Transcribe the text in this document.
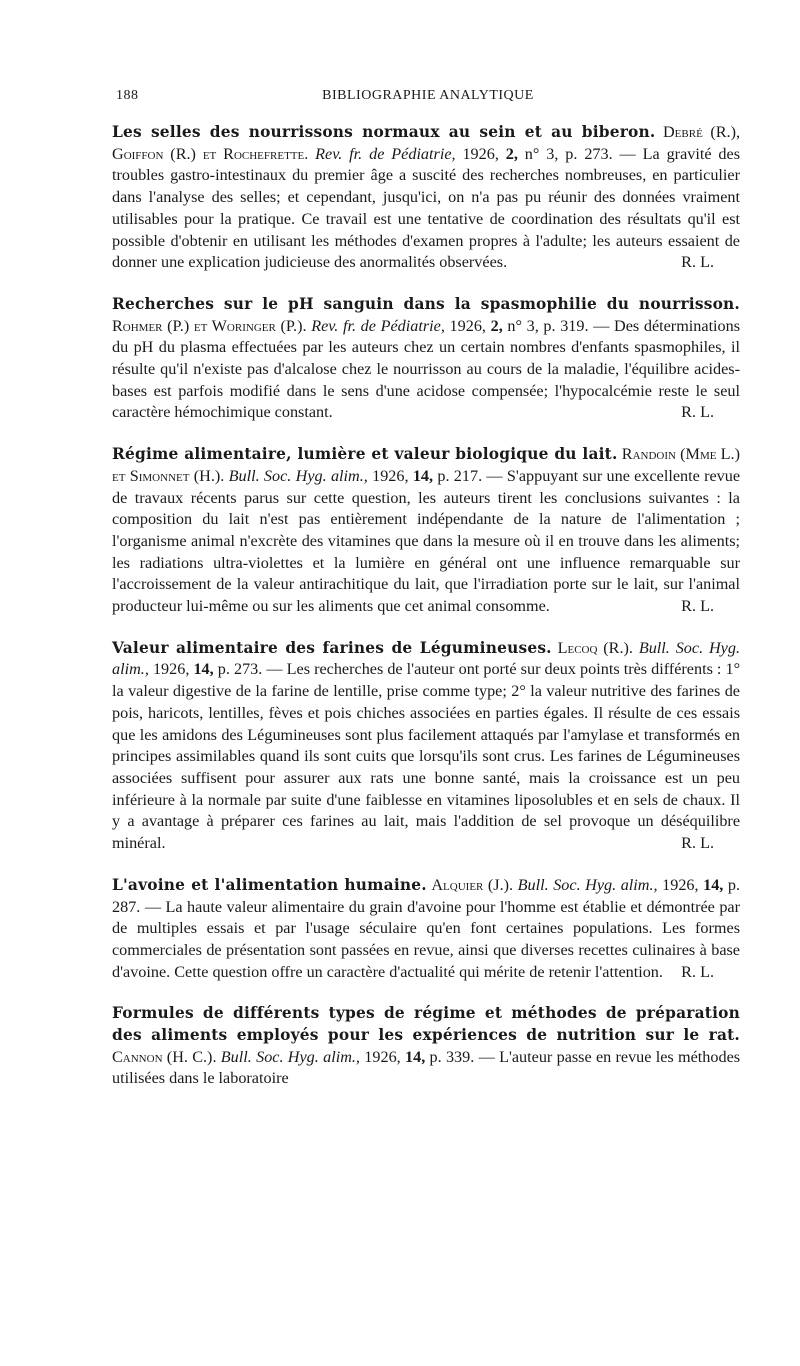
188	BIBLIOGRAPHIE ANALYTIQUE

Les selles des nourrissons normaux au sein et au biberon. Debré (R.), Goiffon (R.) et Rochefrette. Rev. fr. de Pédiatrie, 1926, 2, n° 3, p. 273. — La gravité des troubles gastro-intestinaux du premier âge a suscité des recherches nombreuses, en particulier dans l'analyse des selles; et cependant, jusqu'ici, on n'a pas pu réunir des données vraiment utilisables pour la pratique. Ce travail est une tentative de coordination des résultats qu'il est possible d'obtenir en utilisant les méthodes d'examen propres à l'adulte; les auteurs essaient de donner une explication judicieuse des anormalités observées.	R. L.

Recherches sur le pH sanguin dans la spasmophilie du nourrisson. Rohmer (P.) et Woringer (P.). Rev. fr. de Pédiatrie, 1926, 2, n° 3, p. 319. — Des déterminations du pH du plasma effectuées par les auteurs chez un certain nombres d'enfants spasmophiles, il résulte qu'il n'existe pas d'alcalose chez le nourrisson au cours de la maladie, l'équilibre acides-bases est parfois modifié dans le sens d'une acidose compensée; l'hypocalcémie reste le seul caractère hémochimique constant.	R. L.

Régime alimentaire, lumière et valeur biologique du lait. Randoin (Mme L.) et Simonnet (H.). Bull. Soc. Hyg. alim., 1926, 14, p. 217. — S'appuyant sur une excellente revue de travaux récents parus sur cette question, les auteurs tirent les conclusions suivantes : la composition du lait n'est pas entièrement indépendante de la nature de l'alimentation ; l'organisme animal n'excrète des vitamines que dans la mesure où il en trouve dans les aliments; les radiations ultra-violettes et la lumière en général ont une influence remarquable sur l'accroissement de la valeur antirachitique du lait, que l'irradiation porte sur le lait, sur l'animal producteur lui-même ou sur les aliments que cet animal consomme.	R. L.

Valeur alimentaire des farines de Légumineuses. Lecoq (R.). Bull. Soc. Hyg. alim., 1926, 14, p. 273. — Les recherches de l'auteur ont porté sur deux points très différents : 1° la valeur digestive de la farine de lentille, prise comme type; 2° la valeur nutritive des farines de pois, haricots, lentilles, fèves et pois chiches associées en parties égales. Il résulte de ces essais que les amidons des Légumineuses sont plus facilement attaqués par l'amylase et transformés en principes assimilables quand ils sont cuits que lorsqu'ils sont crus. Les farines de Légumineuses associées suffisent pour assurer aux rats une bonne santé, mais la croissance est un peu inférieure à la normale par suite d'une faiblesse en vitamines liposolubles et en sels de chaux. Il y a avantage à préparer ces farines au lait, mais l'addition de sel provoque un déséquilibre minéral.	R. L.

L'avoine et l'alimentation humaine. Alquier (J.). Bull. Soc. Hyg. alim., 1926, 14, p. 287. — La haute valeur alimentaire du grain d'avoine pour l'homme est établie et démontrée par de multiples essais et par l'usage séculaire qu'en font certaines populations. Les formes commerciales de présentation sont passées en revue, ainsi que diverses recettes culinaires à base d'avoine. Cette question offre un caractère d'actualité qui mérite de retenir l'attention. R. L.

Formules de différents types de régime et méthodes de préparation des aliments employés pour les expériences de nutrition sur le rat. Cannon (H. C.). Bull. Soc. Hyg. alim., 1926, 14, p. 339. — L'auteur passe en revue les méthodes utilisées dans le laboratoire
